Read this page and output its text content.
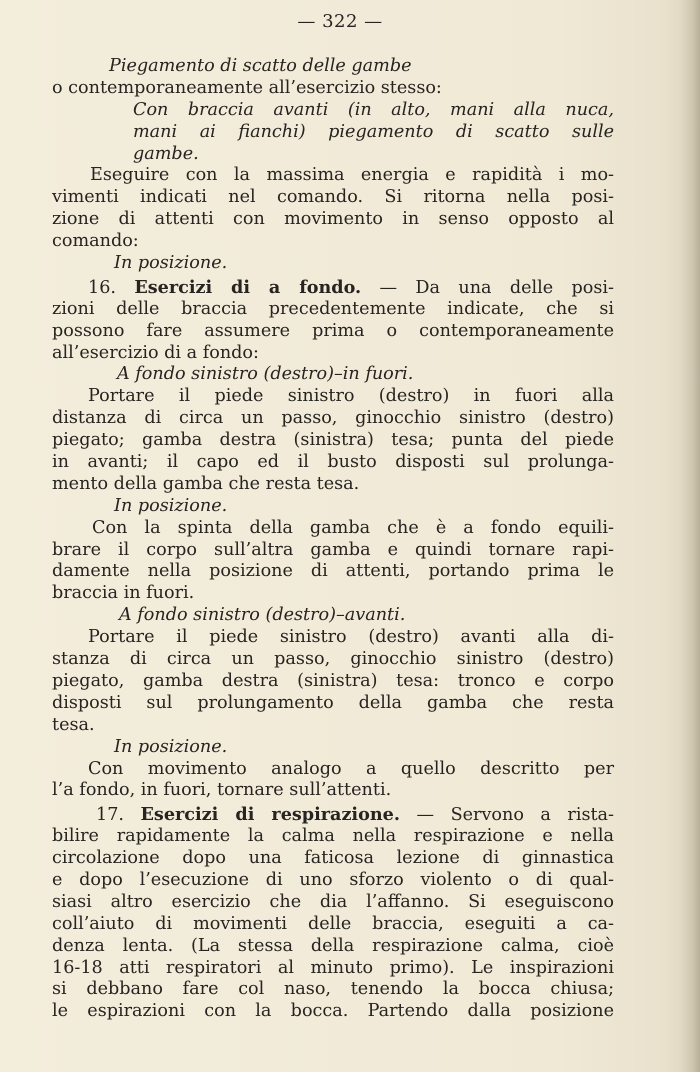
— 322 —
Piegamento di scatto delle gambe
o contemporaneamente all’esercizio stesso:
Con braccia avanti (in alto, mani alla nuca,
mani ai fianchi) piegamento di scatto sulle
gambe.
Eseguire con la massima energia e rapidità i mo-
vimenti indicati nel comando. Si ritorna nella posi-
zione di attenti con movimento in senso opposto al
comando:
In posizione.
16. Esercizi di a fondo. — Da una delle posi-
zioni delle braccia precedentemente indicate, che si
possono fare assumere prima o contemporaneamente
all’esercizio di a fondo:
A fondo sinistro (destro)–in fuori.
Portare il piede sinistro (destro) in fuori alla
distanza di circa un passo, ginocchio sinistro (destro)
piegato; gamba destra (sinistra) tesa; punta del piede
in avanti; il capo ed il busto disposti sul prolunga-
mento della gamba che resta tesa.
In posizione.
Con la spinta della gamba che è a fondo equili-
brare il corpo sull’altra gamba e quindi tornare rapi-
damente nella posizione di attenti, portando prima le
braccia in fuori.
A fondo sinistro (destro)–avanti.
Portare il piede sinistro (destro) avanti alla di-
stanza di circa un passo, ginocchio sinistro (destro)
piegato, gamba destra (sinistra) tesa: tronco e corpo
disposti sul prolungamento della gamba che resta
tesa.
In posizione.
Con movimento analogo a quello descritto per
l’a fondo, in fuori, tornare sull’attenti.
17. Esercizi di respirazione. — Servono a rista-
bilire rapidamente la calma nella respirazione e nella
circolazione dopo una faticosa lezione di ginnastica
e dopo l’esecuzione di uno sforzo violento o di qual-
siasi altro esercizio che dia l’affanno. Si eseguiscono
coll’aiuto di movimenti delle braccia, eseguiti a ca-
denza lenta. (La stessa della respirazione calma, cioè
16-18 atti respiratori al minuto primo). Le inspirazioni
si debbano fare col naso, tenendo la bocca chiusa;
le espirazioni con la bocca. Partendo dalla posizione
